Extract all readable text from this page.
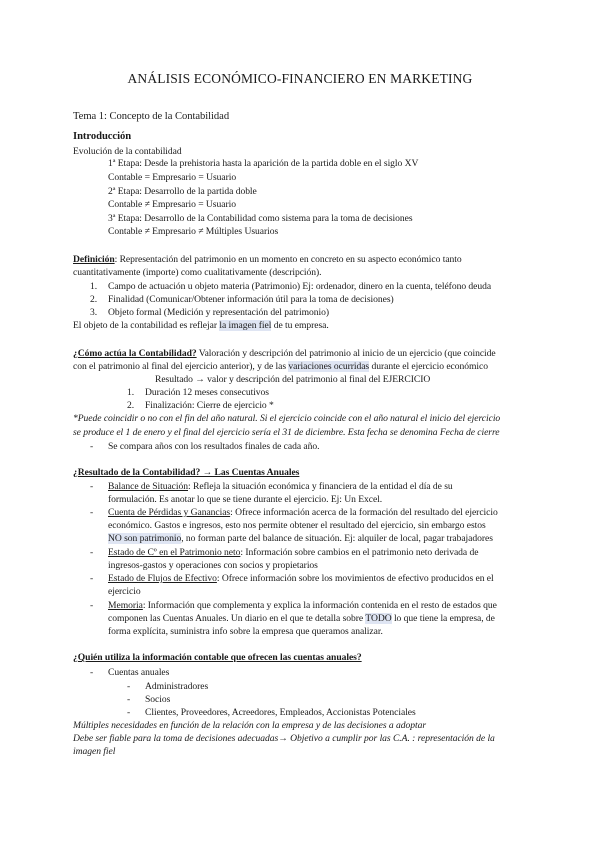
ANÁLISIS ECONÓMICO-FINANCIERO EN MARKETING
Tema 1: Concepto de la Contabilidad
Introducción
Evolución de la contabilidad
1ª Etapa: Desde la prehistoria hasta la aparición de la partida doble en el siglo XV
Contable = Empresario = Usuario
2ª Etapa: Desarrollo de la partida doble
Contable ≠ Empresario = Usuario
3ª Etapa: Desarrollo de la Contabilidad como sistema para la toma de decisiones
Contable ≠ Empresario ≠ Múltiples Usuarios
Definición: Representación del patrimonio en un momento en concreto en su aspecto económico tanto
cuantitativamente (importe) como cualitativamente (descripción).
1. Campo de actuación u objeto materia (Patrimonio) Ej: ordenador, dinero en la cuenta, teléfono deuda
2. Finalidad (Comunicar/Obtener información útil para la toma de decisiones)
3. Objeto formal (Medición y representación del patrimonio)
El objeto de la contabilidad es reflejar la imagen fiel de tu empresa.
¿Cómo actúa la Contabilidad? Valoración y descripción del patrimonio al inicio de un ejercicio (que coincide
con el patrimonio al final del ejercicio anterior), y de las variaciones ocurridas durante el ejercicio económico
Resultado → valor y descripción del patrimonio al final del EJERCICIO
1. Duración 12 meses consecutivos
2. Finalización: Cierre de ejercicio *
*Puede coincidir o no con el fin del año natural. Si el ejercicio coincide con el año natural el inicio del ejercicio
se produce el 1 de enero y el final del ejercicio sería el 31 de diciembre. Esta fecha se denomina Fecha de cierre
- Se compara años con los resultados finales de cada año.
¿Resultado de la Contabilidad? → Las Cuentas Anuales
- Balance de Situación: Refleja la situación económica y financiera de la entidad el día de su
formulación. Es anotar lo que se tiene durante el ejercicio. Ej: Un Excel.
- Cuenta de Pérdidas y Ganancias: Ofrece información acerca de la formación del resultado del ejercicio
económico. Gastos e ingresos, esto nos permite obtener el resultado del ejercicio, sin embargo estos
NO son patrimonio, no forman parte del balance de situación. Ej: alquiler de local, pagar trabajadores
- Estado de Cº en el Patrimonio neto: Información sobre cambios en el patrimonio neto derivada de
ingresos-gastos y operaciones con socios y propietarios
- Estado de Flujos de Efectivo: Ofrece información sobre los movimientos de efectivo producidos en el
ejercicio
- Memoria: Información que complementa y explica la información contenida en el resto de estados que
componen las Cuentas Anuales. Un diario en el que te detalla sobre TODO lo que tiene la empresa, de
forma explícita, suministra info sobre la empresa que queramos analizar.
¿Quién utiliza la información contable que ofrecen las cuentas anuales?
- Cuentas anuales
- Administradores
- Socios
- Clientes, Proveedores, Acreedores, Empleados, Accionistas Potenciales
Múltiples necesidades en función de la relación con la empresa y de las decisiones a adoptar
Debe ser fiable para la toma de decisiones adecuadas→ Objetivo a cumplir por las C.A. : representación de la
imagen fiel
